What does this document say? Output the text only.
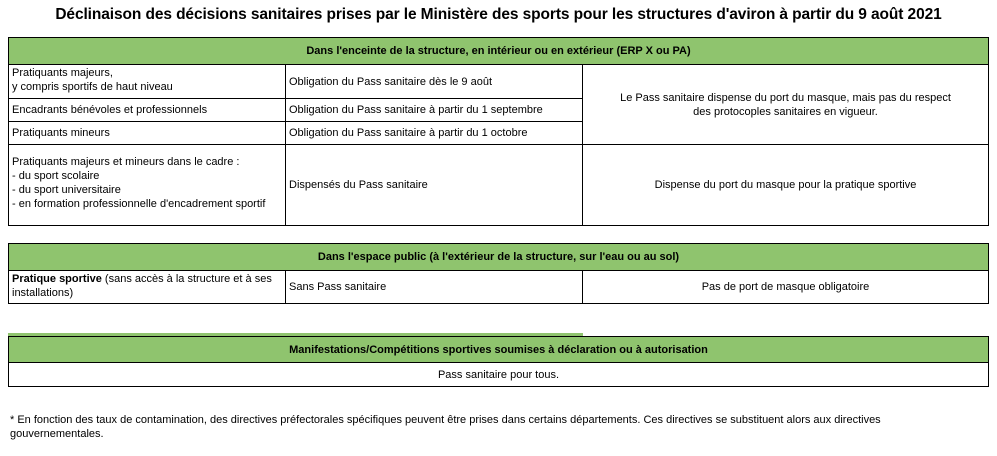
Déclinaison des décisions sanitaires prises par le Ministère des sports pour les structures d'aviron à partir du 9 août 2021
Dans l'enceinte de la structure, en intérieur ou en extérieur (ERP X ou PA)
Pratiquants majeurs,
y compris sportifs de haut niveau	Obligation du Pass sanitaire dès le 9 août
Encadrants bénévoles et professionnels	Obligation du Pass sanitaire à partir du 1 septembre
Pratiquants mineurs	Obligation du Pass sanitaire à partir du 1 octobre
Le Pass sanitaire dispense du port du masque, mais pas du respect des protocoples sanitaires en vigueur.
Pratiquants majeurs et mineurs dans le cadre :
- du sport scolaire
- du sport universitaire
- en formation professionnelle d'encadrement sportif
Dispensés du Pass sanitaire	Dispense du port du masque pour la pratique sportive
Dans l'espace public (à l'extérieur de la structure, sur l'eau ou au sol)
Pratique sportive (sans accès à la structure et à ses installations)	Sans Pass sanitaire	Pas de port de masque obligatoire
Manifestations/Compétitions sportives soumises à déclaration ou à autorisation
Pass sanitaire pour tous.
* En fonction des taux de contamination, des directives préfectorales spécifiques peuvent être prises dans certains départements. Ces directives se substituent alors aux directives gouvernementales.
